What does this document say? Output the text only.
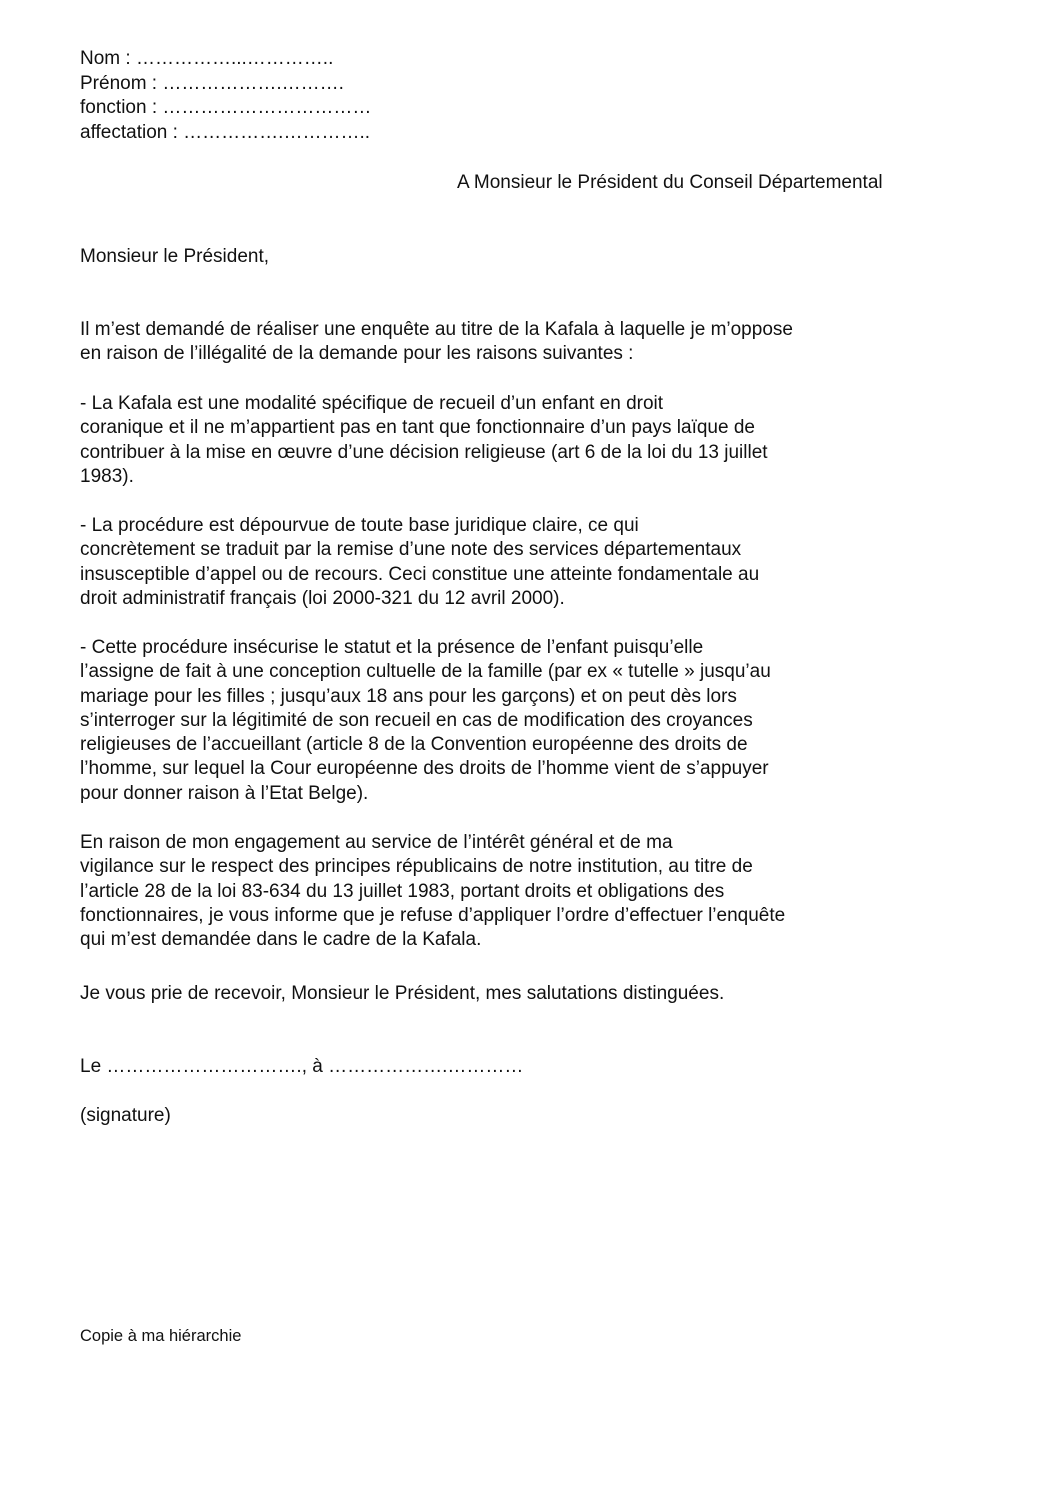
Nom : ……………...…………..
Prénom : ……………….……….
fonction : ……………………………
affectation : …………….…………..
A Monsieur le Président du Conseil Départemental
Monsieur le Président,
Il m’est demandé de réaliser une enquête au titre de la Kafala à laquelle je m’oppose
en raison de l’illégalité de la demande pour les raisons suivantes :
- La Kafala est une modalité spécifique de recueil d’un enfant en droit
coranique et il ne m’appartient pas en tant que fonctionnaire d’un pays laïque de
contribuer à la mise en œuvre d’une décision religieuse (art 6 de la loi du 13 juillet
1983).
- La procédure est dépourvue de toute base juridique claire, ce qui
concrètement se traduit par la remise d’une note des services départementaux
insusceptible d’appel ou de recours. Ceci constitue une atteinte fondamentale au
droit administratif français (loi 2000-321 du 12 avril 2000).
- Cette procédure insécurise le statut et la présence de l’enfant puisqu’elle
l’assigne de fait à une conception cultuelle de la famille (par ex « tutelle » jusqu’au
mariage pour les filles ; jusqu’aux 18 ans pour les garçons) et on peut dès lors
s’interroger sur la légitimité de son recueil en cas de modification des croyances
religieuses de l’accueillant (article 8 de la Convention européenne des droits de
l’homme, sur lequel la Cour européenne des droits de l’homme vient de s’appuyer
pour donner raison à l’Etat Belge).
En raison de mon engagement au service de l’intérêt général et de ma
vigilance sur le respect des principes républicains de notre institution, au titre de
l’article 28 de la loi 83-634 du 13 juillet 1983, portant droits et obligations des
fonctionnaires, je vous informe que je refuse d’appliquer l’ordre d’effectuer l’enquête
qui m’est demandée dans le cadre de la Kafala.
Je vous prie de recevoir, Monsieur le Président, mes salutations distinguées.
Le …………………………., à ……………….…………
(signature)
Copie à ma hiérarchie
